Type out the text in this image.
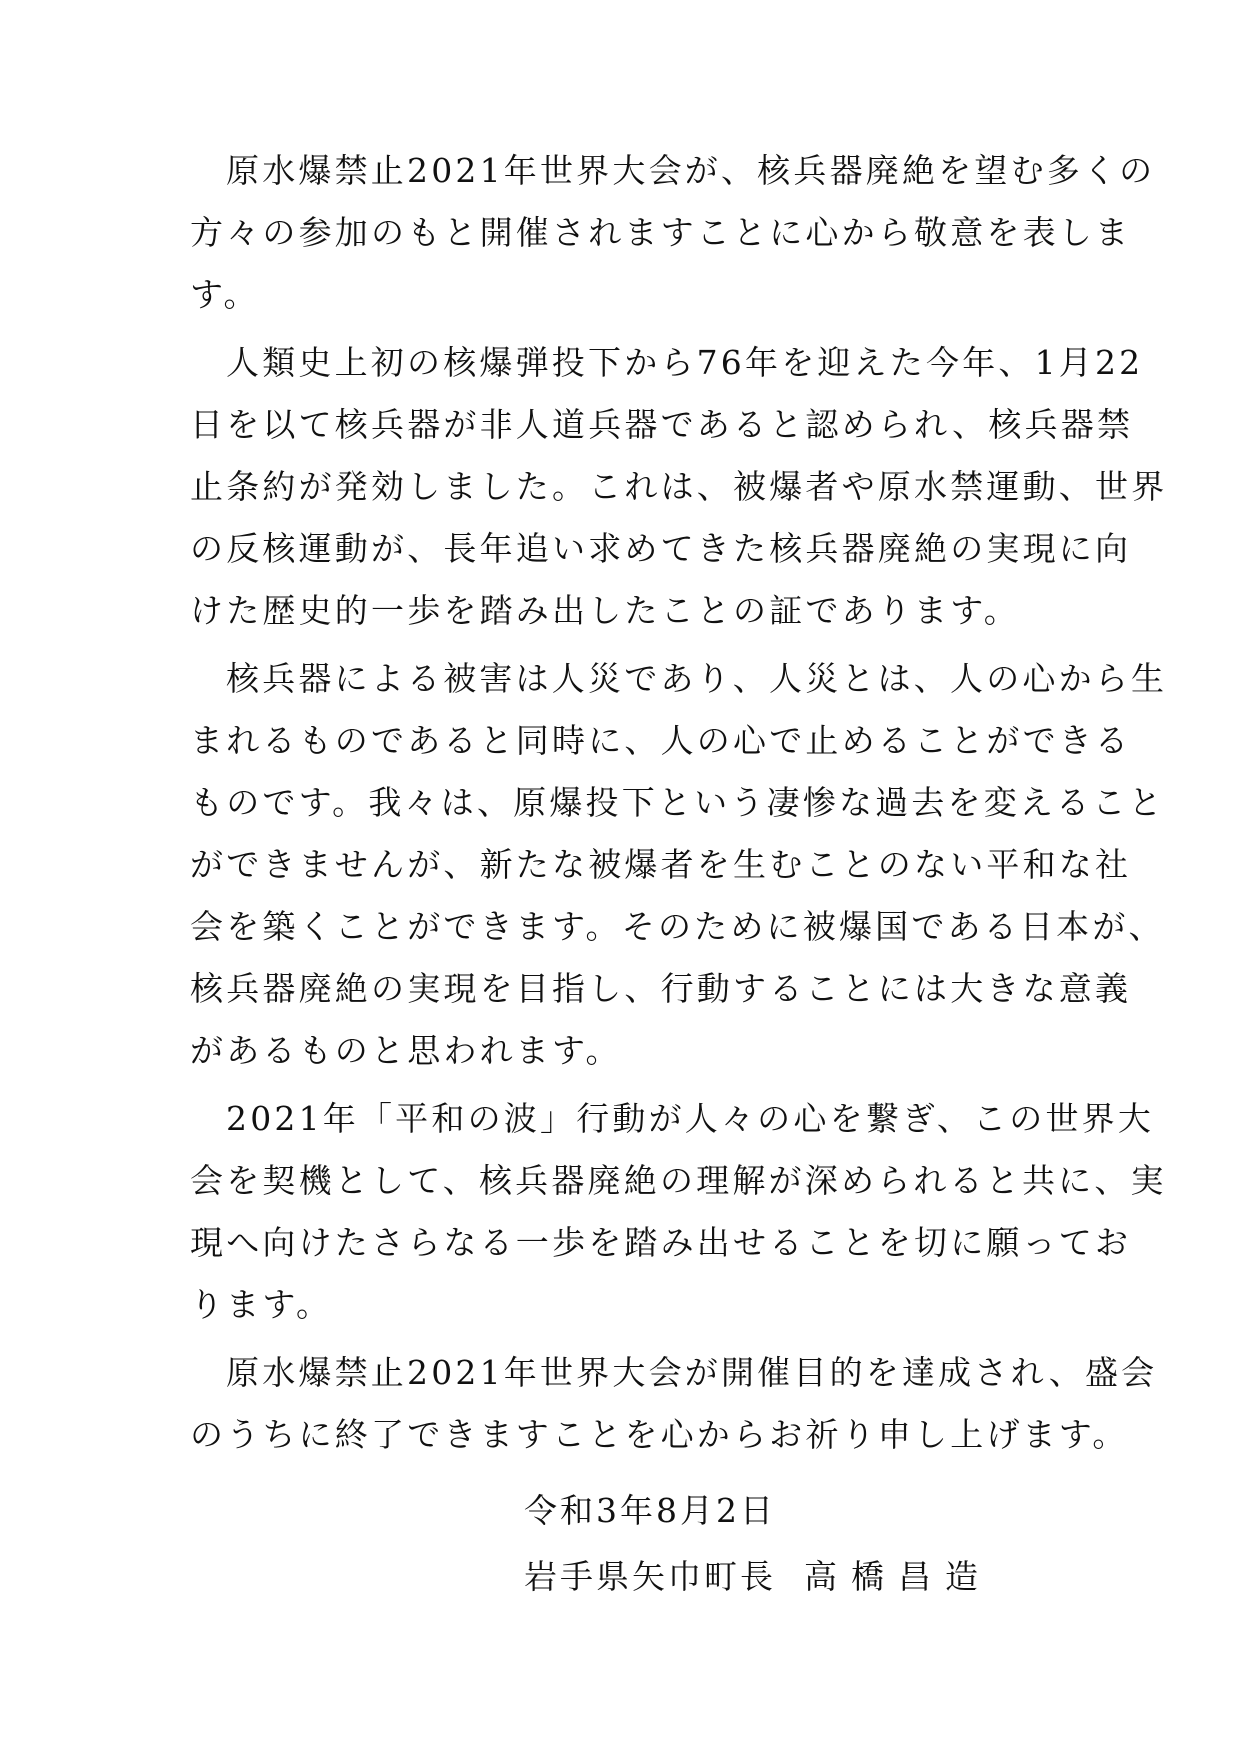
原水爆禁止2021年世界大会が、核兵器廃絶を望む多くの
方々の参加のもと開催されますことに心から敬意を表しま
す。
人類史上初の核爆弾投下から76年を迎えた今年、1月22
日を以て核兵器が非人道兵器であると認められ、核兵器禁
止条約が発効しました。これは、被爆者や原水禁運動、世界
の反核運動が、長年追い求めてきた核兵器廃絶の実現に向
けた歴史的一歩を踏み出したことの証であります。
核兵器による被害は人災であり、人災とは、人の心から生
まれるものであると同時に、人の心で止めることができる
ものです。我々は、原爆投下という凄惨な過去を変えること
ができませんが、新たな被爆者を生むことのない平和な社
会を築くことができます。そのために被爆国である日本が、
核兵器廃絶の実現を目指し、行動することには大きな意義
があるものと思われます。
2021年「平和の波」行動が人々の心を繋ぎ、この世界大
会を契機として、核兵器廃絶の理解が深められると共に、実
現へ向けたさらなる一歩を踏み出せることを切に願ってお
ります。
原水爆禁止2021年世界大会が開催目的を達成され、盛会
のうちに終了できますことを心からお祈り申し上げます。
令和3年8月2日
岩手県矢巾町長 高橋昌造
